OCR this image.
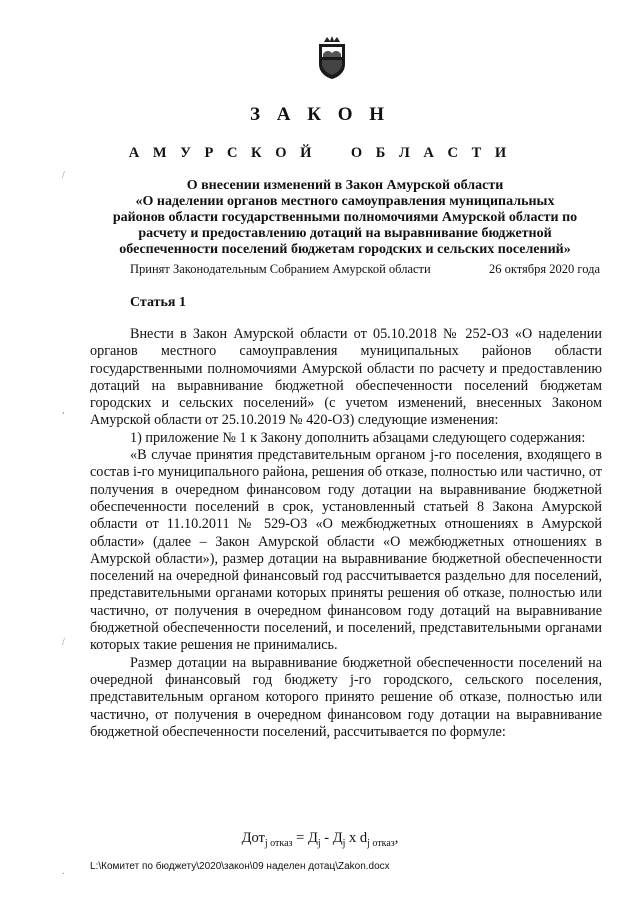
З А К О Н
А М У Р С К О Й    О Б Л А С Т И
О внесении изменений в Закон Амурской области
«О наделении органов местного самоуправления муниципальных
районов области государственными полномочиями Амурской области по
расчету и предоставлению дотаций на выравнивание бюджетной
обеспеченности поселений бюджетам городских и сельских поселений»
Принят Законодательным Собранием Амурской области	26 октября 2020 года
Статья 1

Внести в Закон Амурской области от 05.10.2018 № 252-ОЗ «О наделении органов местного самоуправления муниципальных районов области государственными полномочиями Амурской области по расчету и предоставлению дотаций на выравнивание бюджетной обеспеченности поселений бюджетам городских и сельских поселений» (с учетом изменений, внесенных Законом Амурской области от 25.10.2019 № 420-ОЗ) следующие изменения:

1) приложение № 1 к Закону дополнить абзацами следующего содержания:

«В случае принятия представительным органом j-го поселения, входящего в состав i-го муниципального района, решения об отказе, полностью или частично, от получения в очередном финансовом году дотации на выравнивание бюджетной обеспеченности поселений в срок, установленный статьей 8 Закона Амурской области от 11.10.2011 № 529-ОЗ «О межбюджетных отношениях в Амурской области» (далее – Закон Амурской области «О межбюджетных отношениях в Амурской области»), размер дотации на выравнивание бюджетной обеспеченности поселений на очередной финансовый год рассчитывается раздельно для поселений, представительными органами которых приняты решения об отказе, полностью или частично, от получения в очередном финансовом году дотаций на выравнивание бюджетной обеспеченности поселений, и поселений, представительными органами которых такие решения не принимались.

Размер дотации на выравнивание бюджетной обеспеченности поселений на очередной финансовый год бюджету j-го городского, сельского поселения, представительным органом которого принято решение об отказе, полностью или частично, от получения в очередном финансовом году дотации на выравнивание бюджетной обеспеченности поселений, рассчитывается по формуле:

$Дот_{j отказ} = Д_j - Д_j$ x $d_{j отказ}$,
L:\Комитет по бюджету\2020\закон\09 наделен дотац\Zakon.docx
/
,
/
.
